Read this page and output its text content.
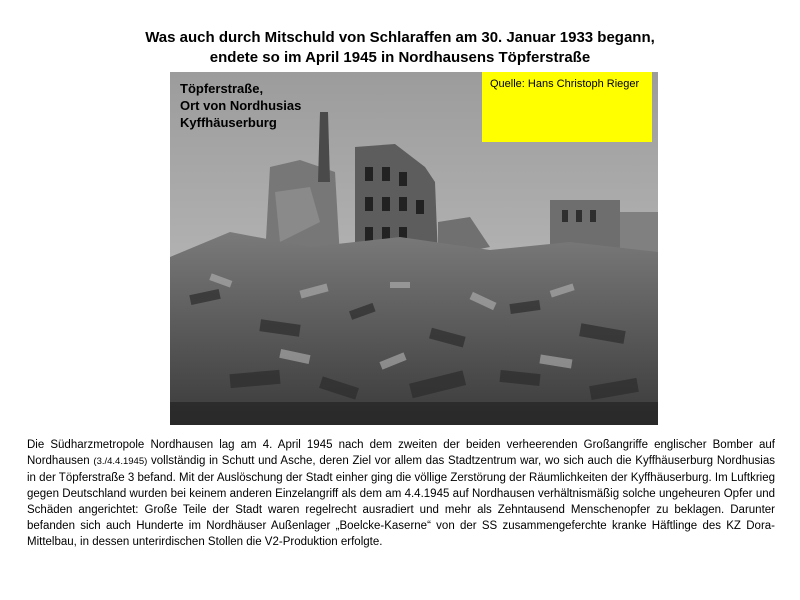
Was auch durch Mitschuld von Schlaraffen am 30. Januar 1933 begann,
endete so im April 1945 in Nordhausens Töpferstraße
Töpferstraße,
Ort von Nordhusias
Kyffhäuserburg
Quelle: Hans Christoph Rieger
Die Südharzmetropole Nordhausen lag am 4. April 1945 nach dem zweiten der beiden verheerenden Großangriffe englischer Bomber auf Nordhausen (3./4.4.1945) vollständig in Schutt und Asche, deren Ziel vor allem das Stadtzentrum war, wo sich auch die Kyffhäuserburg Nordhusias in der Töpferstraße 3 befand. Mit der Auslöschung der Stadt einher ging die völlige Zerstörung der Räumlichkeiten der Kyffhäuserburg. Im Luftkrieg gegen Deutschland wurden bei keinem anderen Einzelangriff als dem am 4.4.1945 auf Nordhausen verhältnismäßig solche ungeheuren Opfer und Schäden angerichtet: Große Teile der Stadt waren regelrecht ausradiert und mehr als Zehntausend Menschenopfer zu beklagen. Darunter befanden sich auch Hunderte im Nordhäuser Außenlager „Boelcke-Kaserne“ von der SS zusammengeferchte kranke Häftlinge des KZ Dora-Mittelbau, in dessen unterirdischen Stollen die V2-Produktion erfolgte.
